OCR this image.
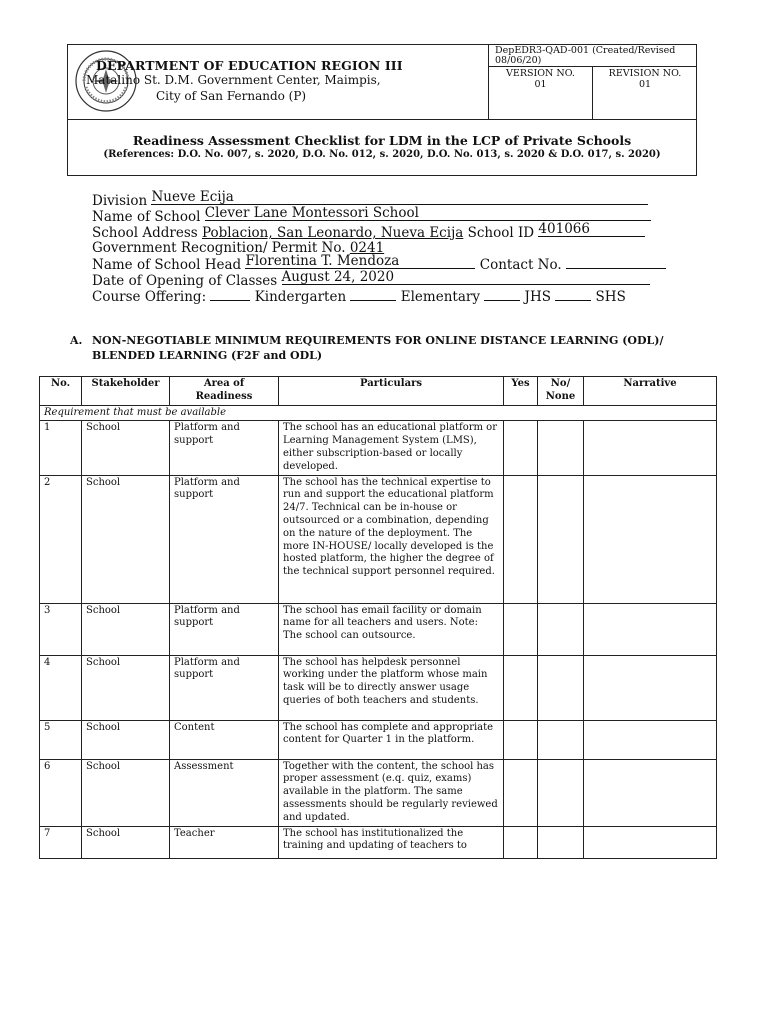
DEPARTMENT OF EDUCATION REGION III
Matalino St. D.M. Government Center, Maimpis,
City of San Fernando (P)
DepEDR3-QAD-001 (Created/Revised 08/06/20)
VERSION NO.
01
REVISION NO.
01
Readiness Assessment Checklist for LDM in the LCP of Private Schools
(References: D.O. No. 007, s. 2020, D.O. No. 012, s. 2020, D.O. No. 013, s. 2020 & D.O. 017, s. 2020)
Division Nueve Ecija
Name of School Clever Lane Montessori School
School Address Poblacion, San Leonardo, Nueva Ecija School ID 401066
Government Recognition/ Permit No. 0241
Name of School Head Florentina T. Mendoza	Contact No.
Date of Opening of Classes August 24, 2020
Course Offering:	Kindergarten	Elementary	JHS	SHS
A. NON-NEGOTIABLE MINIMUM REQUIREMENTS FOR ONLINE DISTANCE LEARNING (ODL)/
BLENDED LEARNING (F2F and ODL)
No.	Stakeholder	Area of Readiness	Particulars	Yes	No/ None	Narrative
Requirement that must be available						
1	School	Platform and support	The school has an educational platform or Learning Management System (LMS), either subscription-based or locally developed.			
2	School	Platform and support	The school has the technical expertise to run and support the educational platform 24/7. Technical can be in-house or outsourced or a combination, depending on the nature of the deployment. The more IN-HOUSE/ locally developed is the hosted platform, the higher the degree of the technical support personnel required.			
3	School	Platform and support	The school has email facility or domain name for all teachers and users. Note: The school can outsource.			
4	School	Platform and support	The school has helpdesk personnel working under the platform whose main task will be to directly answer usage queries of both teachers and students.			
5	School	Content	The school has complete and appropriate content for Quarter 1 in the platform.			
6	School	Assessment	Together with the content, the school has proper assessment (e.q. quiz, exams) available in the platform. The same assessments should be regularly reviewed and updated.			
7	School	Teacher	The school has institutionalized the training and updating of teachers to			
